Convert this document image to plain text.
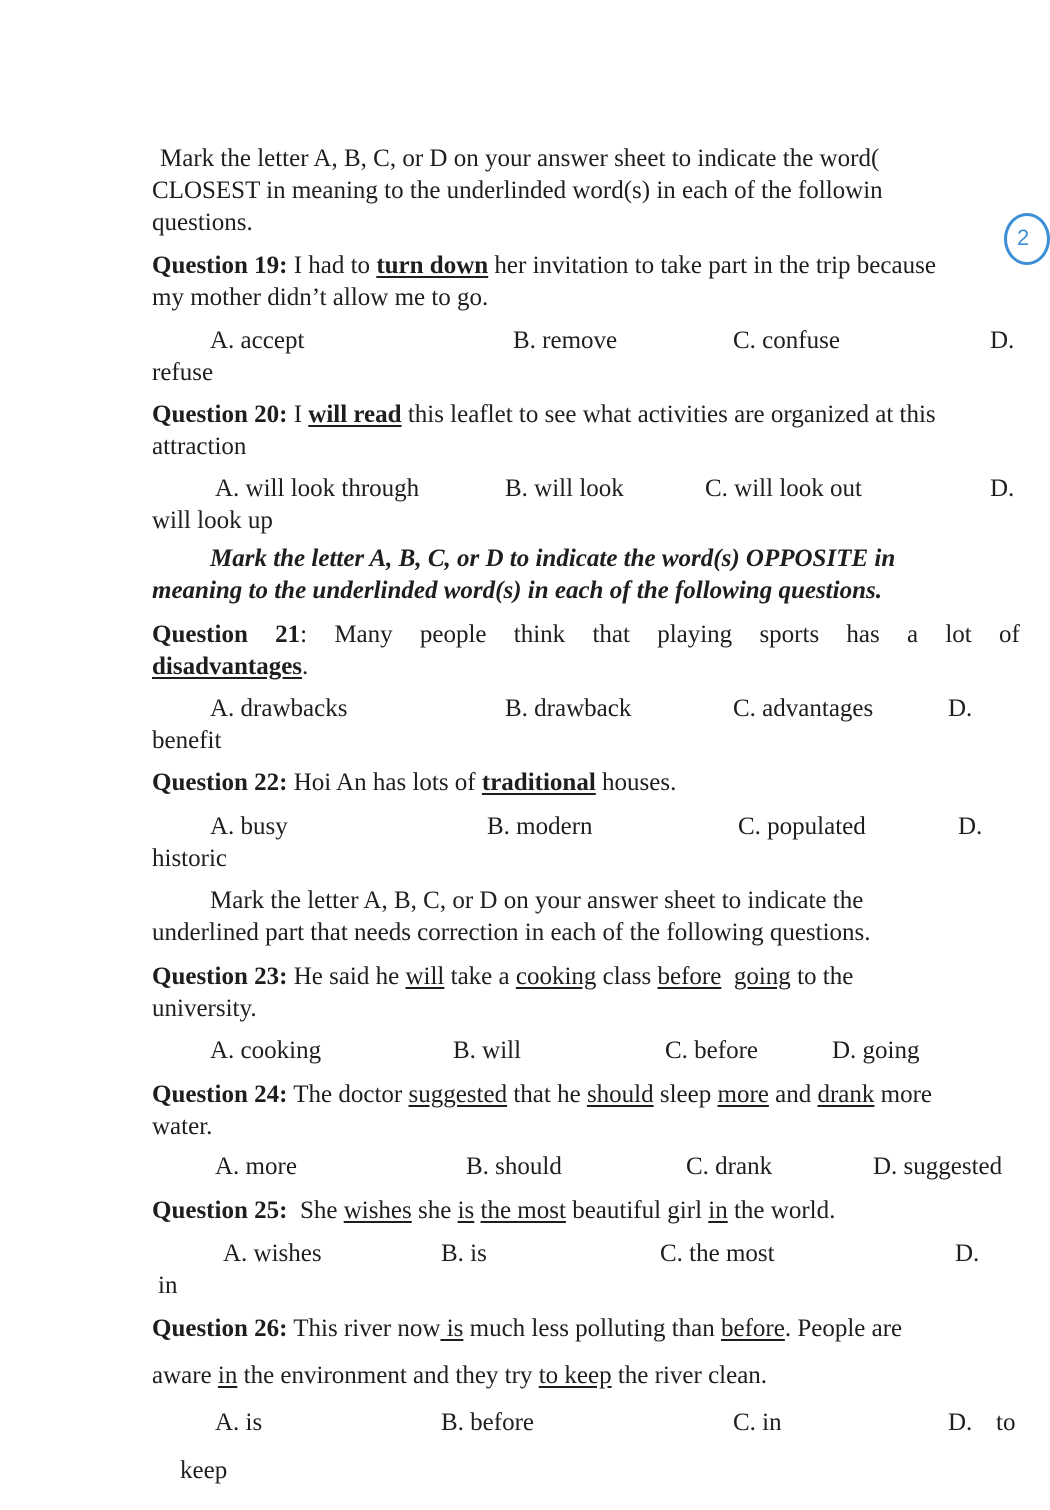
Mark the letter A, B, C, or D on your answer sheet to indicate the word(
CLOSEST in meaning to the underlinded word(s) in each of the followin
questions.
2
Question 19: I had to turn down her invitation to take part in the trip because
my mother didn’t allow me to go.
A. accept	B. remove	C. confuse	D.
refuse
Question 20: I will read this leaflet to see what activities are organized at this
attraction
A. will look through	B. will look	C. will look out	D.
will look up
Mark the letter A, B, C, or D to indicate the word(s) OPPOSITE in
meaning to the underlinded word(s) in each of the following questions.
Question 21: Many people think that playing sports has a lot of
disadvantages.
A. drawbacks	B. drawback	C. advantages	D.
benefit
Question 22: Hoi An has lots of traditional houses.
A. busy	B. modern	C. populated	D.
historic
Mark the letter A, B, C, or D on your answer sheet to indicate the
underlined part that needs correction in each of the following questions.
Question 23: He said he will take a cooking class before going to the
university.
A. cooking	B. will	C. before	D. going
Question 24: The doctor suggested that he should sleep more and drank more
water.
A. more	B. should	C. drank	D. suggested
Question 25:  She wishes she is the most beautiful girl in the world.
A. wishes	B. is	C. the most	D.
in
Question 26: This river now is much less polluting than before. People are
aware in the environment and they try to keep the river clean.
A. is	B. before	C. in	D. to
keep
